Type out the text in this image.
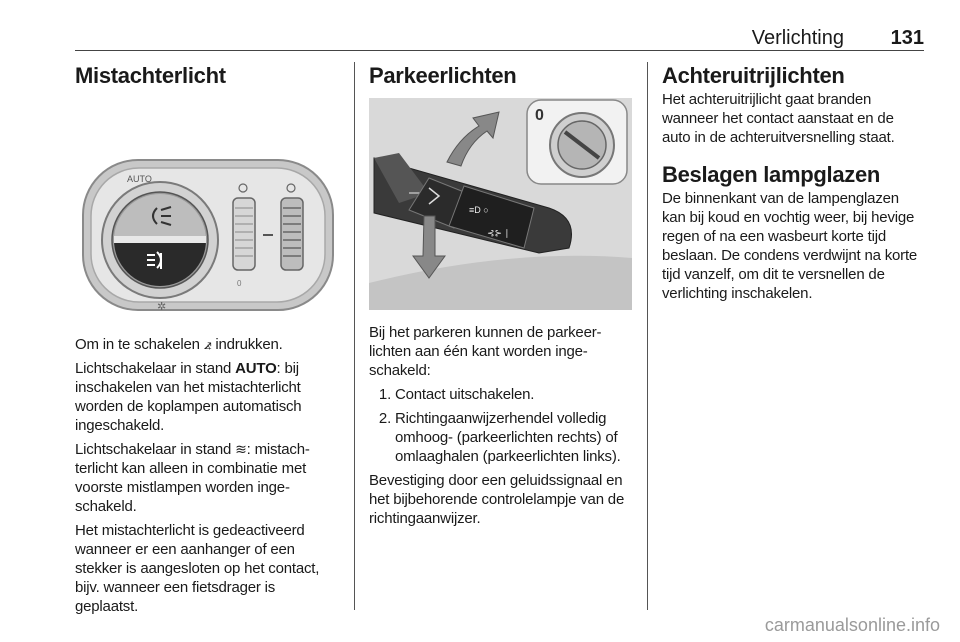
Verlichting 131
Mistachterlicht
AUTO
✲
0

Om in te schakelen ⦨ indrukken.

Lichtschakelaar in stand AUTO: bij inschakelen van het mistachterlicht worden de koplampen automatisch ingeschakeld.

Lichtschakelaar in stand ≋: mistachterlicht kan alleen in combinatie met voorste mistlampen worden ingeschakeld.

Het mistachterlicht is gedeactiveerd wanneer er een aanhanger of een stekker is aangesloten op het contact, bijv. wanneer een fietsdrager is geplaatst.

Parkeerlichten
≡D ○
⊰⊱ ∣
0

Bij het parkeren kunnen de parkeerlichten aan één kant worden ingeschakeld:

1. Contact uitschakelen.
2. Richtingaanwijzerhendel volledig omhoog- (parkeerlichten rechts) of omlaaghalen (parkeerlichten links).

Bevestiging door een geluidssignaal en het bijbehorende controlelampje van de richtingaanwijzer.

Achteruitrijlichten

Het achteruitrijlicht gaat branden wanneer het contact aanstaat en de auto in de achteruitversnelling staat.

Beslagen lampglazen

De binnenkant van de lampenglazen kan bij koud en vochtig weer, bij hevige regen of na een wasbeurt korte tijd beslaan. De condens verdwijnt na korte tijd vanzelf, om dit te versnellen de verlichting inschakelen.

carmanualsonline.info
